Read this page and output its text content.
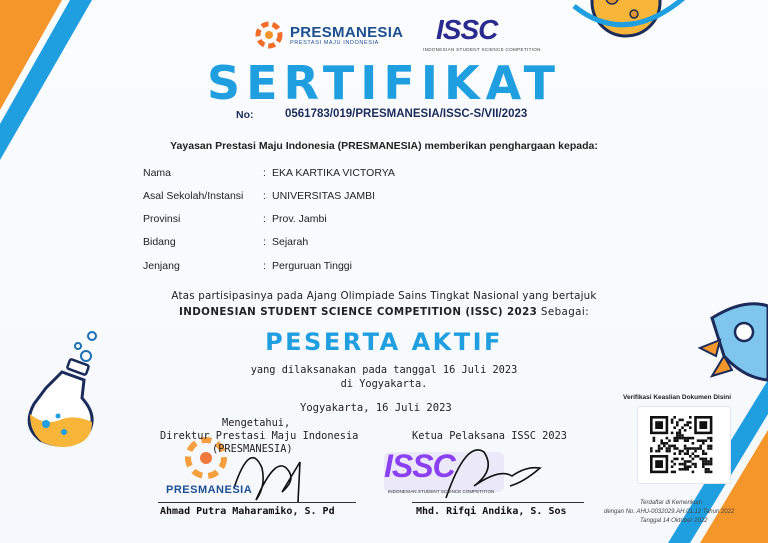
PRESMANESIA
PRESTASI MAJU INDONESIA ISSC
INDONESIAN STUDENT SCIENCE COMPETITION
SERTIFIKAT
No:	0561783/019/PRESMANESIA/ISSC-S/VII/2023
Yayasan Prestasi Maju Indonesia (PRESMANESIA) memberikan penghargaan kepada:
Nama	: EKA KARTIKA VICTORYA
Asal Sekolah/Instansi : UNIVERSITAS JAMBI
Provinsi	: Prov. Jambi
Bidang	: Sejarah
Jenjang	: Perguruan Tinggi
Atas partisipasinya pada Ajang Olimpiade Sains Tingkat Nasional yang bertajuk
INDONESIAN STUDENT SCIENCE COMPETITION (ISSC) 2023 Sebagai:
PESERTA AKTIF
yang dilaksanakan pada tanggal 16 Juli 2023
di Yogyakarta.
Yogyakarta, 16 Juli 2023
Mengetahui,
Direktur Prestasi Maju Indonesia
(PRESMANESIA)
PRESMANESIA
Ahmad Putra Maharamiko, S. Pd
Ketua Pelaksana ISSC 2023
ISSC
INDONESIAN STUDENT SCIENCE COMPETITION
Mhd. Rifqi Andika, S. Sos
Verifikasi Keaslian Dokumen Disini
Terdaftar di Kemenkum
dengan No. AHU-0032029.AH.01.12 Tahun 2022
Tanggal 14 Oktober 2022
